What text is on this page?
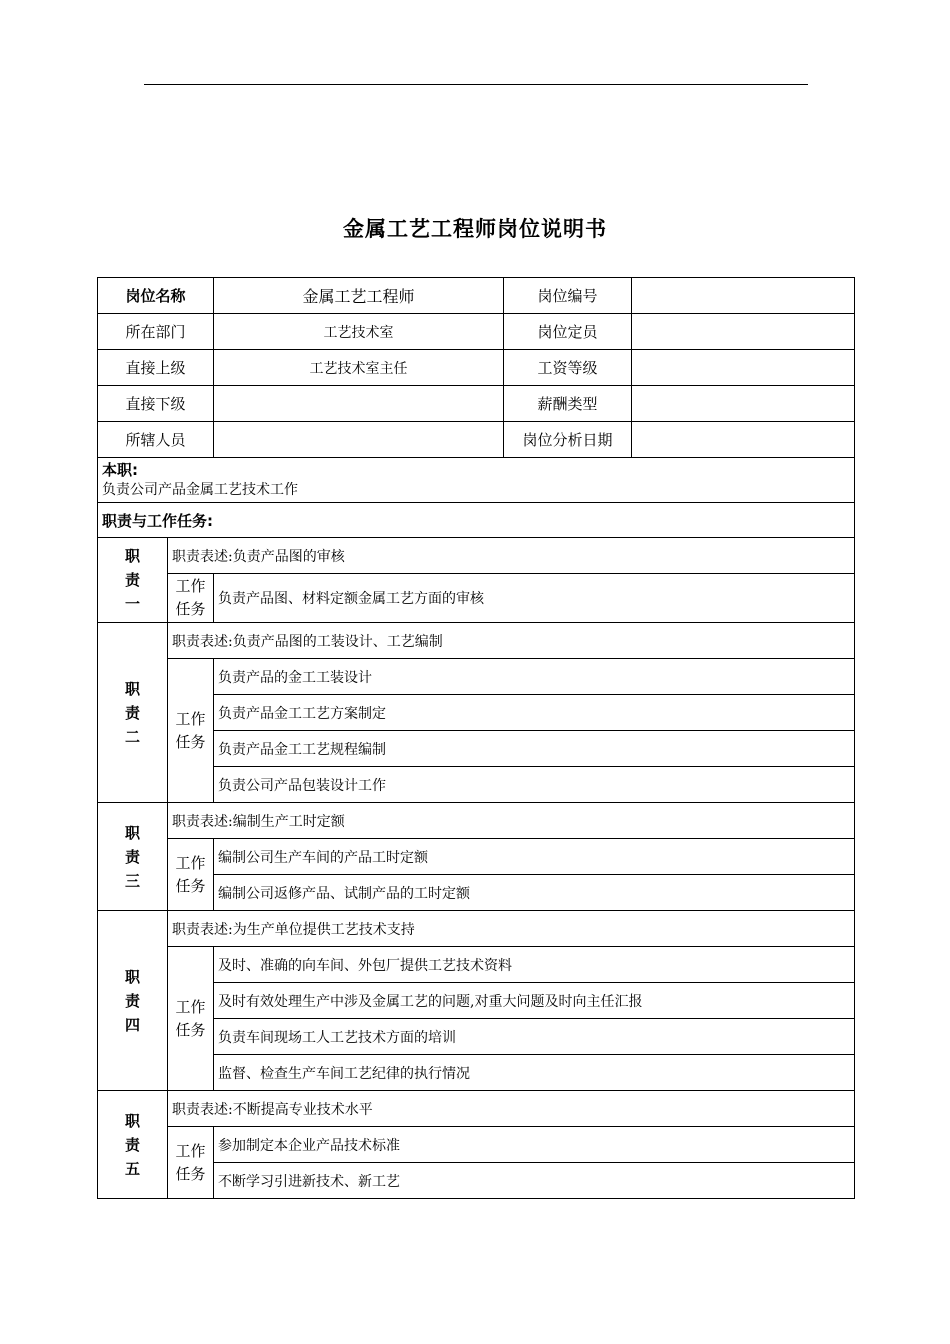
金属工艺工程师岗位说明书
岗位名称		金属工艺工程师	岗位编号	
所在部门		工艺技术室	岗位定员	
直接上级		工艺技术室主任	工资等级	
直接下级			薪酬类型	
所辖人员			岗位分析日期	

本职:
负责公司产品金属工艺技术工作				

职责与工作任务:				

职
责
一	职责表述:负责产品图的审核			

	工作
任务	负责产品图、材料定额金属工艺方面的审核		

职
责
二	职责表述:负责产品图的工装设计、工艺编制			

	工作
任务	负责产品的金工工装设计		
		负责产品金工工艺方案制定		
		负责产品金工工艺规程编制		
		负责公司产品包装设计工作		

职
责
三	职责表述:编制生产工时定额			

	工作
任务	编制公司生产车间的产品工时定额		
		编制公司返修产品、试制产品的工时定额		

职
责
四	职责表述:为生产单位提供工艺技术支持			

	工作
任务	及时、准确的向车间、外包厂提供工艺技术资料		
		及时有效处理生产中涉及金属工艺的问题,对重大问题及时向主任汇报		
		负责车间现场工人工艺技术方面的培训		
		监督、检查生产车间工艺纪律的执行情况		

职
责
五	职责表述:不断提高专业技术水平			

	工作
任务	参加制定本企业产品技术标准		
		不断学习引进新技术、新工艺		
